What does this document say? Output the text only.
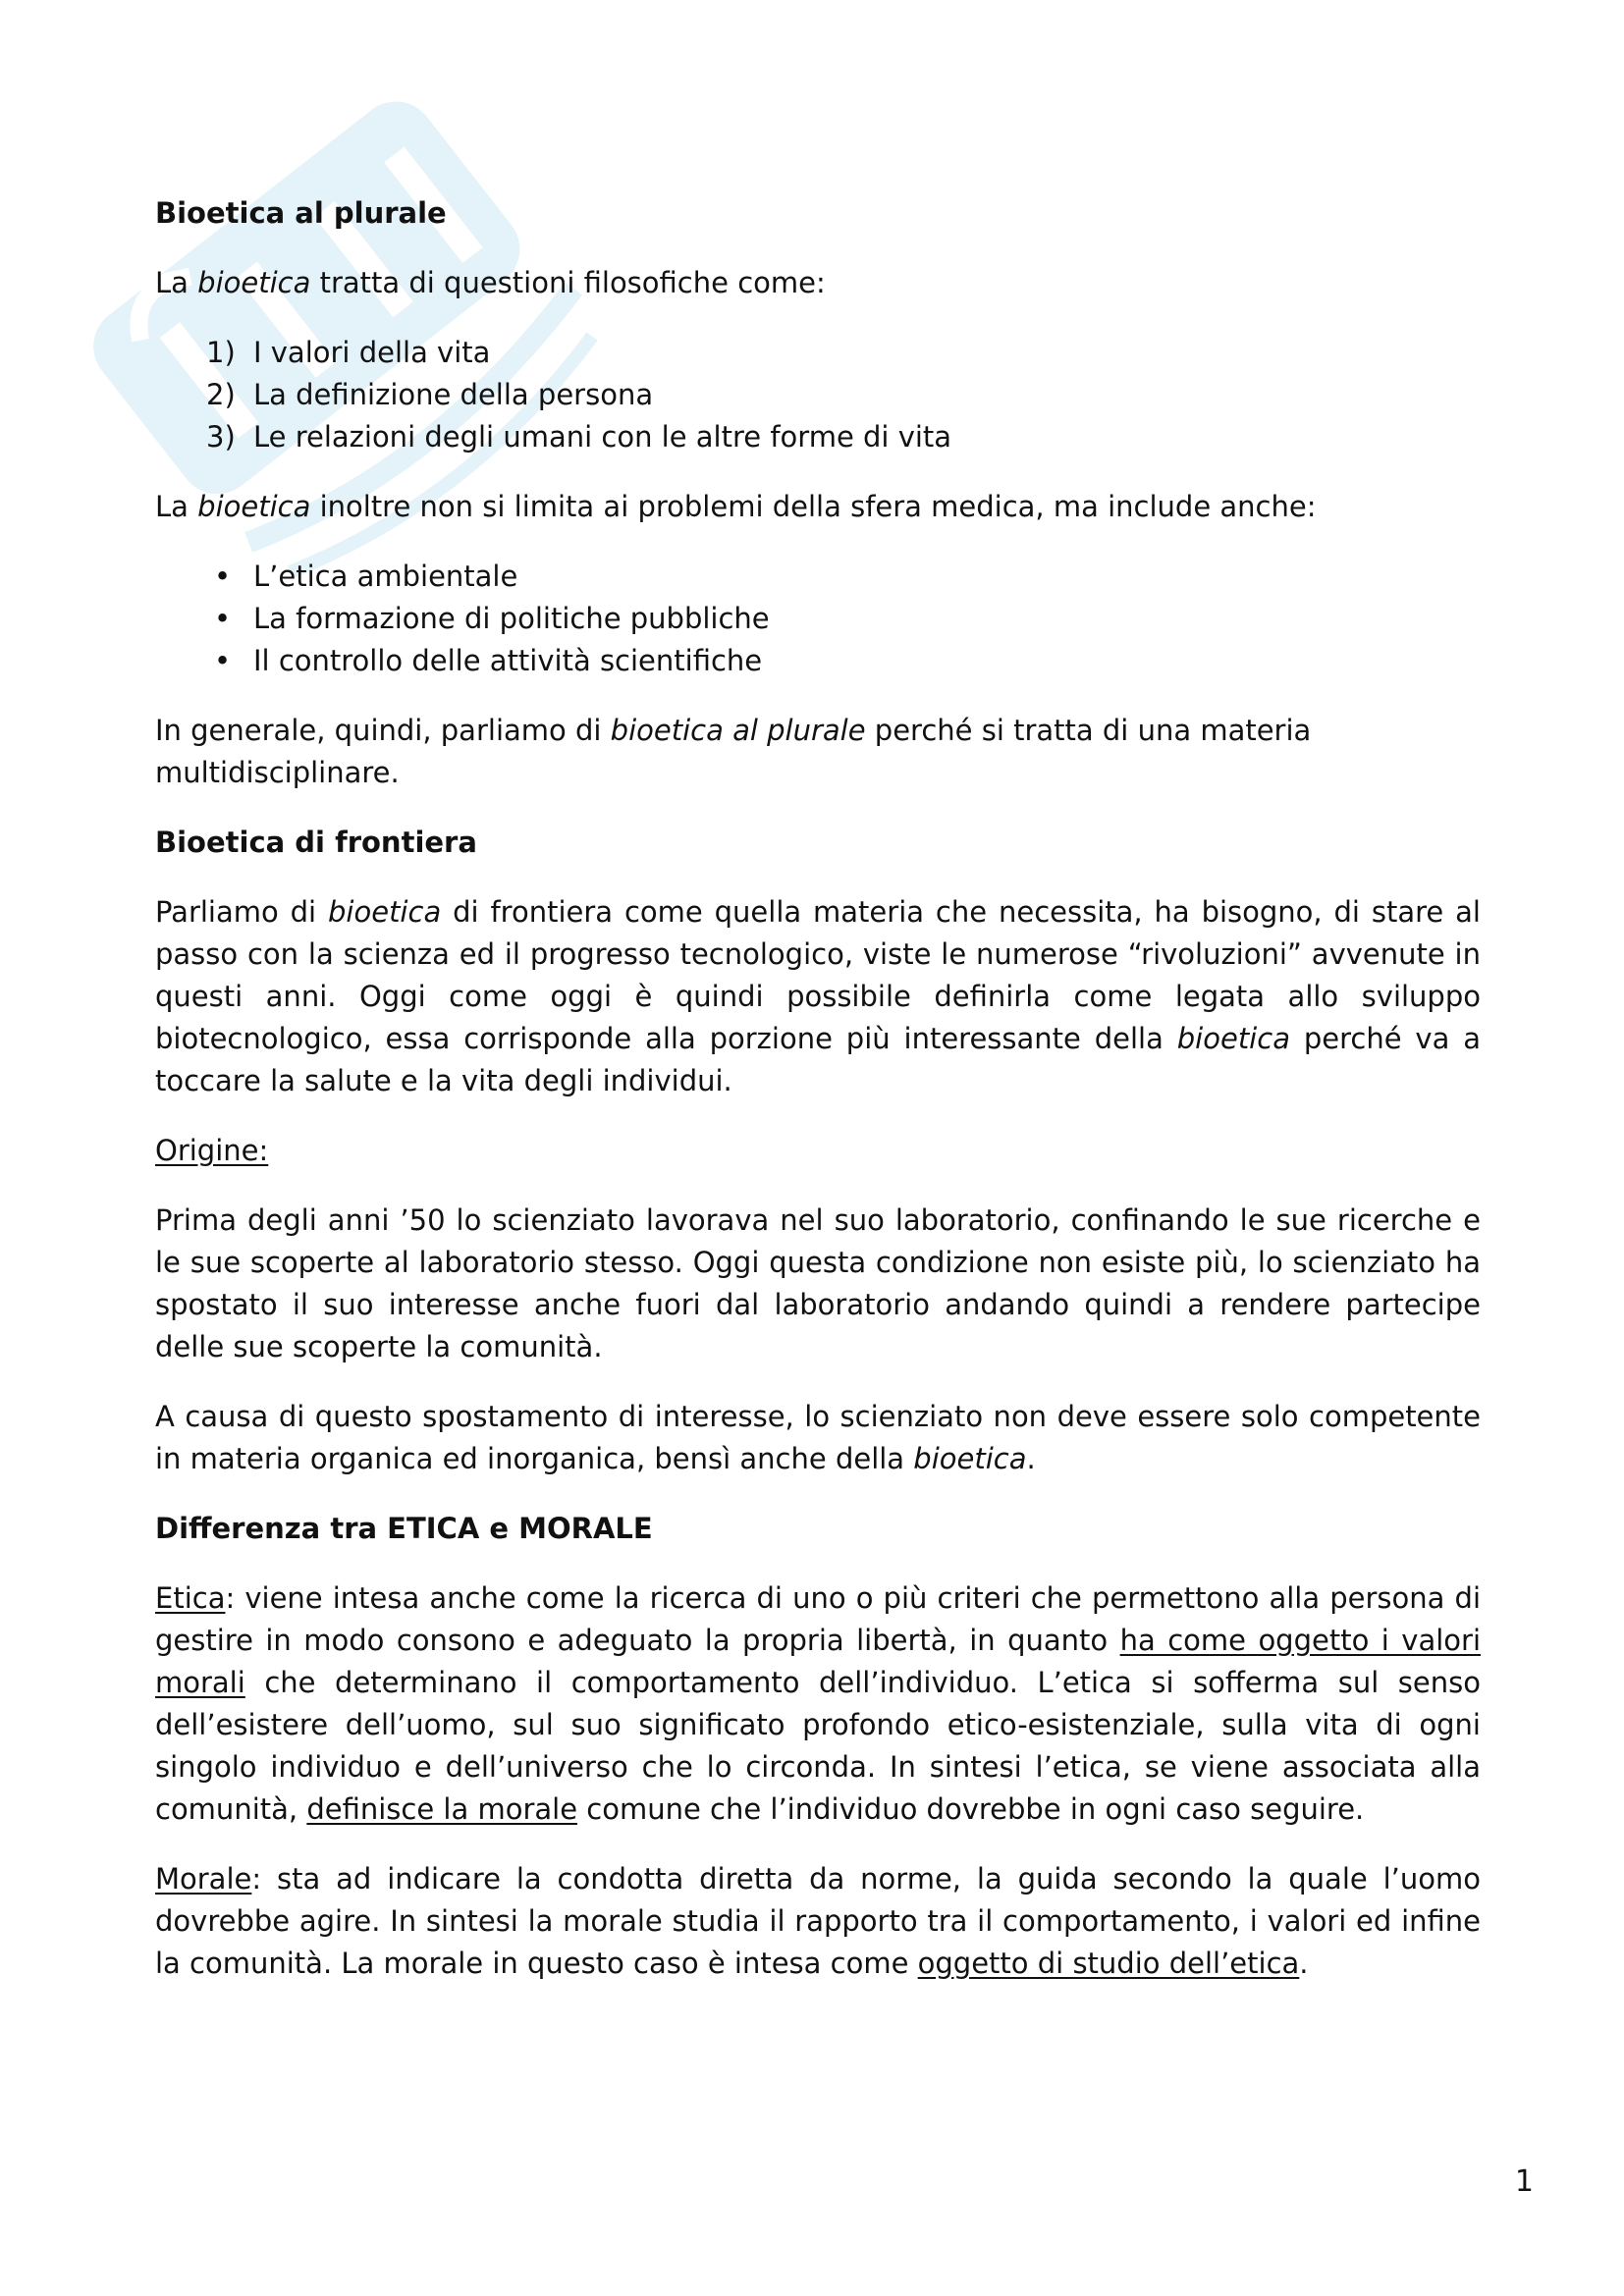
Bioetica al plurale

La bioetica tratta di questioni filosofiche come:

1) I valori della vita
2) La definizione della persona
3) Le relazioni degli umani con le altre forme di vita

La bioetica inoltre non si limita ai problemi della sfera medica, ma include anche:

• L’etica ambientale
• La formazione di politiche pubbliche
• Il controllo delle attività scientifiche

In generale, quindi, parliamo di bioetica al plurale perché si tratta di una materia multidisciplinare.

Bioetica di frontiera

Parliamo di bioetica di frontiera come quella materia che necessita, ha bisogno, di stare al passo con la scienza ed il progresso tecnologico, viste le numerose “rivoluzioni” avvenute in questi anni. Oggi come oggi è quindi possibile definirla come legata allo sviluppo biotecnologico, essa corrisponde alla porzione più interessante della bioetica perché va a toccare la salute e la vita degli individui.

Origine:

Prima degli anni ’50 lo scienziato lavorava nel suo laboratorio, confinando le sue ricerche e le sue scoperte al laboratorio stesso. Oggi questa condizione non esiste più, lo scienziato ha spostato il suo interesse anche fuori dal laboratorio andando quindi a rendere partecipe delle sue scoperte la comunità.

A causa di questo spostamento di interesse, lo scienziato non deve essere solo competente in materia organica ed inorganica, bensì anche della bioetica.

Differenza tra ETICA e MORALE

Etica: viene intesa anche come la ricerca di uno o più criteri che permettono alla persona di gestire in modo consono e adeguato la propria libertà, in quanto ha come oggetto i valori morali che determinano il comportamento dell’individuo. L’etica si sofferma sul senso dell’esistere dell’uomo, sul suo significato profondo etico-esistenziale, sulla vita di ogni singolo individuo e dell’universo che lo circonda. In sintesi l’etica, se viene associata alla comunità, definisce la morale comune che l’individuo dovrebbe in ogni caso seguire.

Morale: sta ad indicare la condotta diretta da norme, la guida secondo la quale l’uomo dovrebbe agire. In sintesi la morale studia il rapporto tra il comportamento, i valori ed infine la comunità. La morale in questo caso è intesa come oggetto di studio dell’etica.

1
